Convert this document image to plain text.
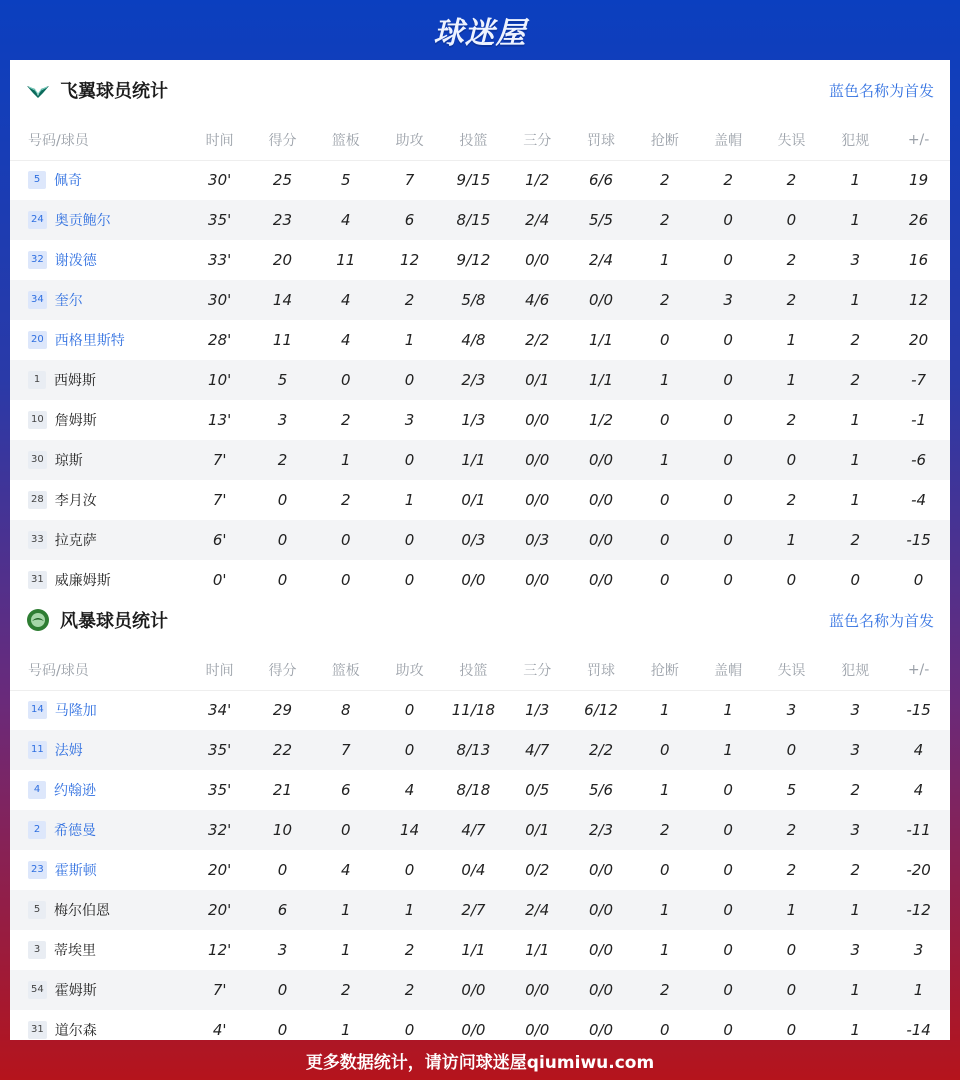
球迷屋
飞翼球员统计	蓝色名称为首发
号码/球员	时间	得分	篮板	助攻	投篮	三分	罚球	抢断	盖帽	失误	犯规	+/-
5 佩奇	30'	25	5	7	9/15	1/2	6/6	2	2	2	1	19
24 奥贡鲍尔	35'	23	4	6	8/15	2/4	5/5	2	0	0	1	26
32 谢泼德	33'	20	11	12	9/12	0/0	2/4	1	0	2	3	16
34 奎尔	30'	14	4	2	5/8	4/6	0/0	2	3	2	1	12
20 西格里斯特	28'	11	4	1	4/8	2/2	1/1	0	0	1	2	20
1 西姆斯	10'	5	0	0	2/3	0/1	1/1	1	0	1	2	-7
10 詹姆斯	13'	3	2	3	1/3	0/0	1/2	0	0	2	1	-1
30 琼斯	7'	2	1	0	1/1	0/0	0/0	1	0	0	1	-6
28 李月汝	7'	0	2	1	0/1	0/0	0/0	0	0	2	1	-4
33 拉克萨	6'	0	0	0	0/3	0/3	0/0	0	0	1	2	-15
31 威廉姆斯	0'	0	0	0	0/0	0/0	0/0	0	0	0	0	0
风暴球员统计	蓝色名称为首发
号码/球员	时间	得分	篮板	助攻	投篮	三分	罚球	抢断	盖帽	失误	犯规	+/-
14 马隆加	34'	29	8	0	11/18	1/3	6/12	1	1	3	3	-15
11 法姆	35'	22	7	0	8/13	4/7	2/2	0	1	0	3	4
4 约翰逊	35'	21	6	4	8/18	0/5	5/6	1	0	5	2	4
2 希德曼	32'	10	0	14	4/7	0/1	2/3	2	0	2	3	-11
23 霍斯顿	20'	0	4	0	0/4	0/2	0/0	0	0	2	2	-20
5 梅尔伯恩	20'	6	1	1	2/7	2/4	0/0	1	0	1	1	-12
3 蒂埃里	12'	3	1	2	1/1	1/1	0/0	1	0	0	3	3
54 霍姆斯	7'	0	2	2	0/0	0/0	0/0	2	0	0	1	1
31 道尔森	4'	0	1	0	0/0	0/0	0/0	0	0	0	1	-14
更多数据统计，请访问球迷屋qiumiwu.com
